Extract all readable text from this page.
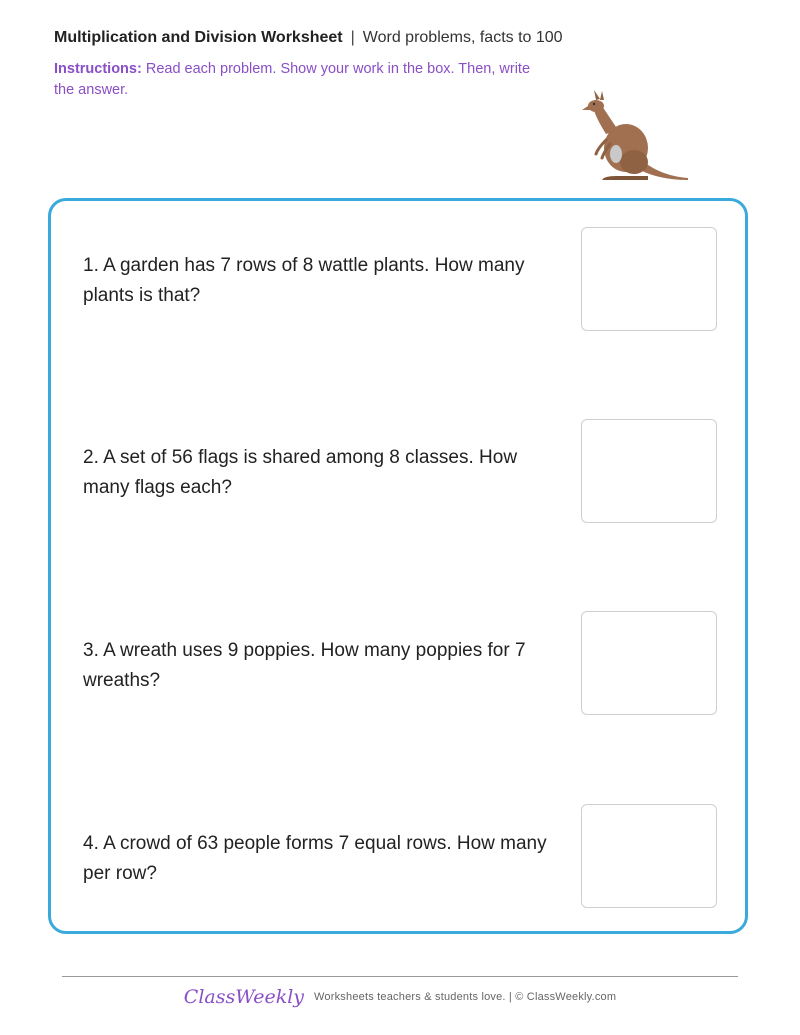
Multiplication and Division Worksheet | Word problems, facts to 100
Instructions: Read each problem. Show your work in the box. Then, write the answer.
1. A garden has 7 rows of 8 wattle plants. How many plants is that?
2. A set of 56 flags is shared among 8 classes. How many flags each?
3. A wreath uses 9 poppies. How many poppies for 7 wreaths?
4. A crowd of 63 people forms 7 equal rows. How many per row?
ClassWeekly Worksheets teachers & students love. | © ClassWeekly.com
